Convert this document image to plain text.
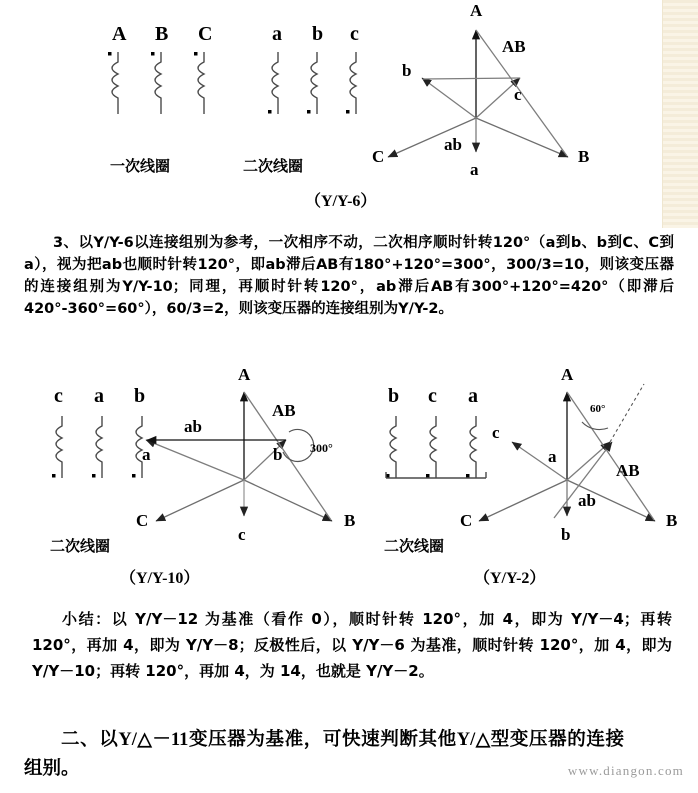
A B C	a b c
一次线圈	二次线圈
（Y/Y-6）
A
B
C
a
b
c
AB
ab
3、以Y/Y-6以连接组别为参考，一次相序不动，二次相序顺时针转120°（a到b、b到C、C到a），视为把ab也顺时针转120°，即ab滞后AB有180°+120°=300°，300/3=10，则该变压器的连接组别为Y/Y-10；同理，再顺时针转120°，ab滞后AB有300°+120°=420°（即滞后420°-360°=60°），60/3=2，则该变压器的连接组别为Y/Y-2。
c a b
二次线圈
（Y/Y-10）
A
B
C
a	b
c
AB
ab
300°
b c a
二次线圈
（Y/Y-2）
A
B
C
a
b
c
AB
ab
60°
小结：以 Y/Y－12 为基准（看作 0），顺时针转 120°，加 4，即为 Y/Y－4；再转 120°，再加 4，即为 Y/Y－8；反极性后，以 Y/Y－6 为基准，顺时针转 120°，加 4，即为 Y/Y－10；再转 120°，再加 4，为 14，也就是 Y/Y－2。
二、以Y/△－11变压器为基准，可快速判断其他Y/△型变压器的连接组别。	www.diangon.com
